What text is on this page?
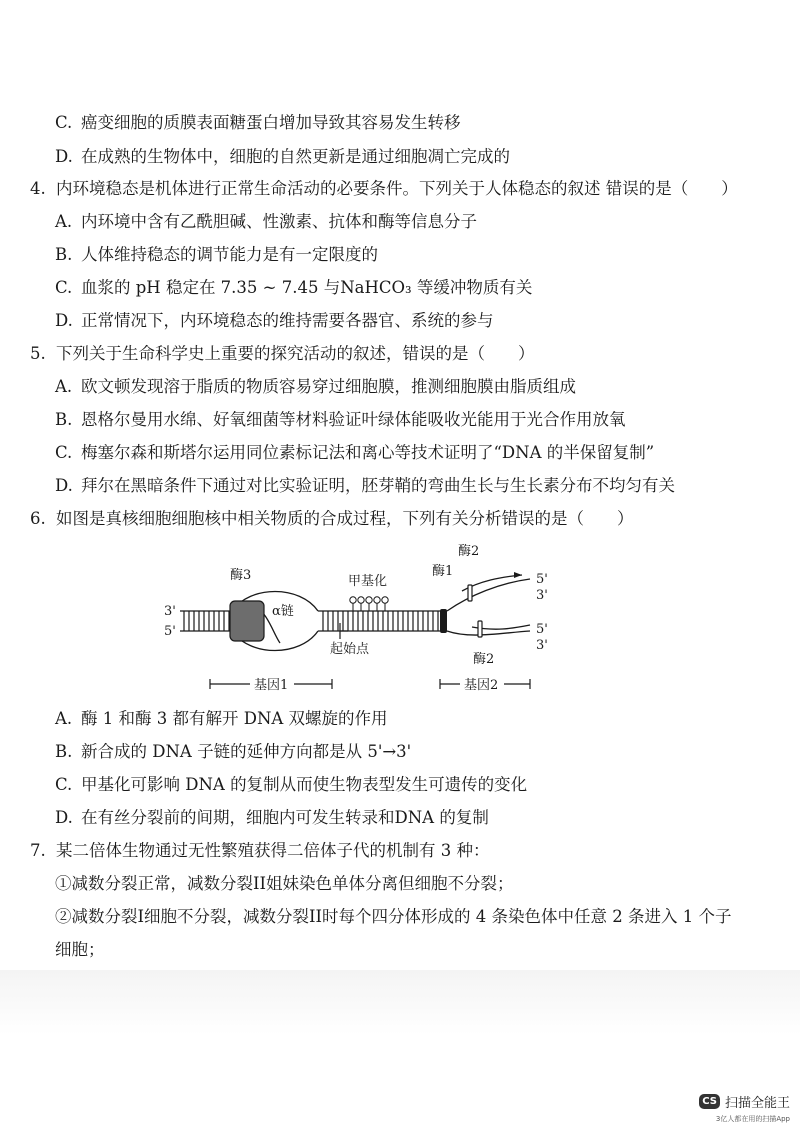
C. 癌变细胞的质膜表面糖蛋白增加导致其容易发生转移
D. 在成熟的生物体中，细胞的自然更新是通过细胞凋亡完成的
4. 内环境稳态是机体进行正常生命活动的必要条件。下列关于人体稳态的叙述 错误的是（　　）
A. 内环境中含有乙酰胆碱、性激素、抗体和酶等信息分子
B. 人体维持稳态的调节能力是有一定限度的
C. 血浆的 pH 稳定在 7.35 ~ 7.45 与NaHCO₃ 等缓冲物质有关
D. 正常情况下，内环境稳态的维持需要各器官、系统的参与
5. 下列关于生命科学史上重要的探究活动的叙述，错误的是（　　）
A. 欧文顿发现溶于脂质的物质容易穿过细胞膜，推测细胞膜由脂质组成
B. 恩格尔曼用水绵、好氧细菌等材料验证叶绿体能吸收光能用于光合作用放氧
C. 梅塞尔森和斯塔尔运用同位素标记法和离心等技术证明了“DNA 的半保留复制”
D. 拜尔在黑暗条件下通过对比实验证明，胚芽鞘的弯曲生长与生长素分布不均匀有关
6. 如图是真核细胞细胞核中相关物质的合成过程，下列有关分析错误的是（　　）
酶3
α链
甲基化
酶1
酶2
酶2
起始点
3'
5'
5'
3'
5'
3'
基因1	基因2
A. 酶 1 和酶 3 都有解开 DNA 双螺旋的作用
B. 新合成的 DNA 子链的延伸方向都是从 5'→3'
C. 甲基化可影响 DNA 的复制从而使生物表型发生可遗传的变化
D. 在有丝分裂前的间期，细胞内可发生转录和DNA 的复制
7. 某二倍体生物通过无性繁殖获得二倍体子代的机制有 3 种：
①减数分裂正常，减数分裂II姐妹染色单体分离但细胞不分裂；
②减数分裂I细胞不分裂，减数分裂II时每个四分体形成的 4 条染色体中任意 2 条进入 1 个子
细胞；
CS 扫描全能王
3亿人都在用的扫描App
